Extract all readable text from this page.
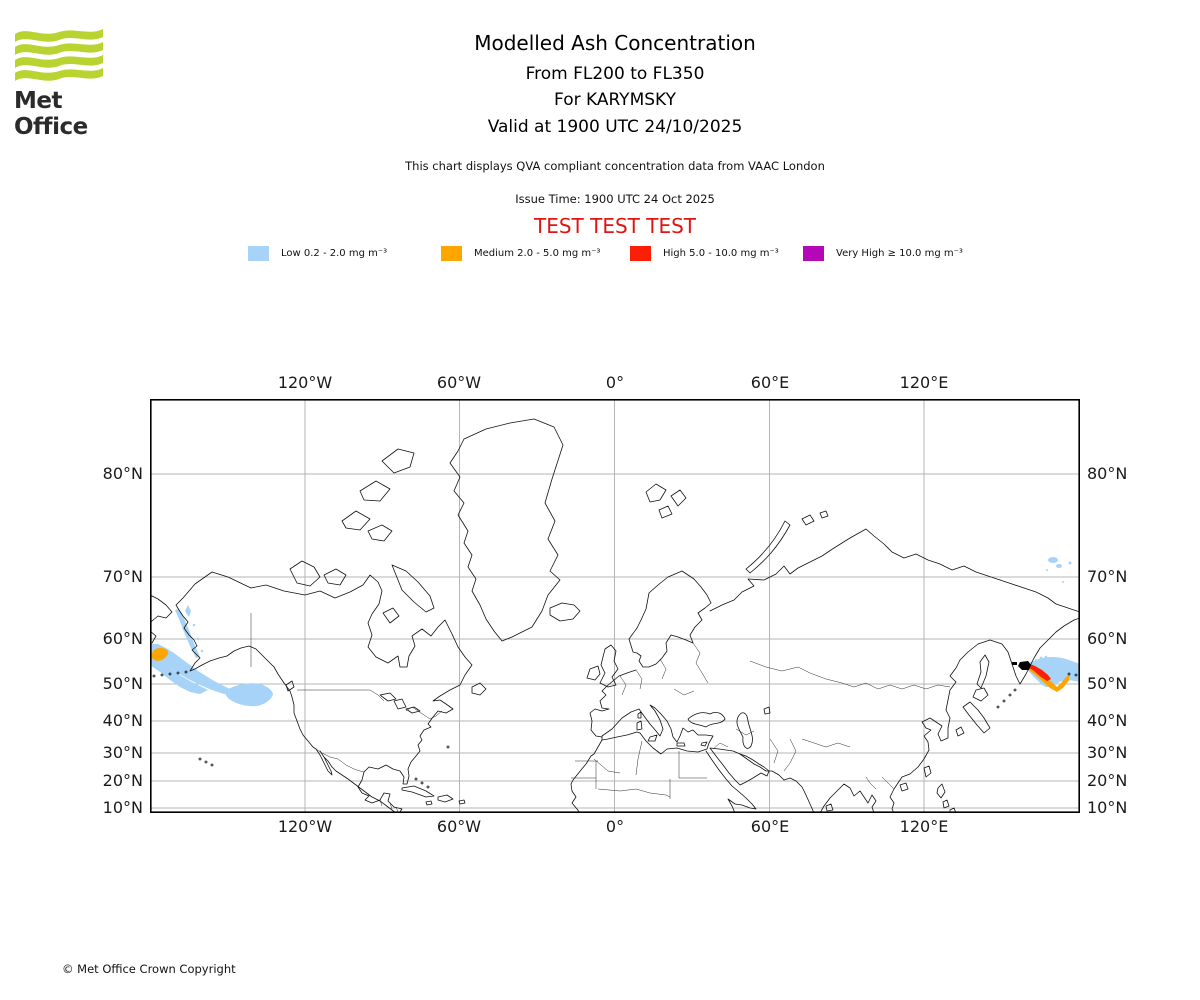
Met Office
Modelled Ash Concentration
From FL200 to FL350
For KARYMSKY
Valid at 1900 UTC 24/10/2025
This chart displays QVA compliant concentration data from VAAC London
Issue Time: 1900 UTC 24 Oct 2025
TEST TEST TEST
Low 0.2 - 2.0 mg m⁻³	Medium 2.0 - 5.0 mg m⁻³	High 5.0 - 10.0 mg m⁻³	Very High ≥ 10.0 mg m⁻³
120°W	60°W	0°	60°E	120°E
120°W	60°W	0°	60°E	120°E
80°N
70°N
60°N
50°N
40°N
30°N
20°N
10°N
80°N
70°N
60°N
50°N
40°N
30°N
20°N
10°N
© Met Office Crown Copyright
